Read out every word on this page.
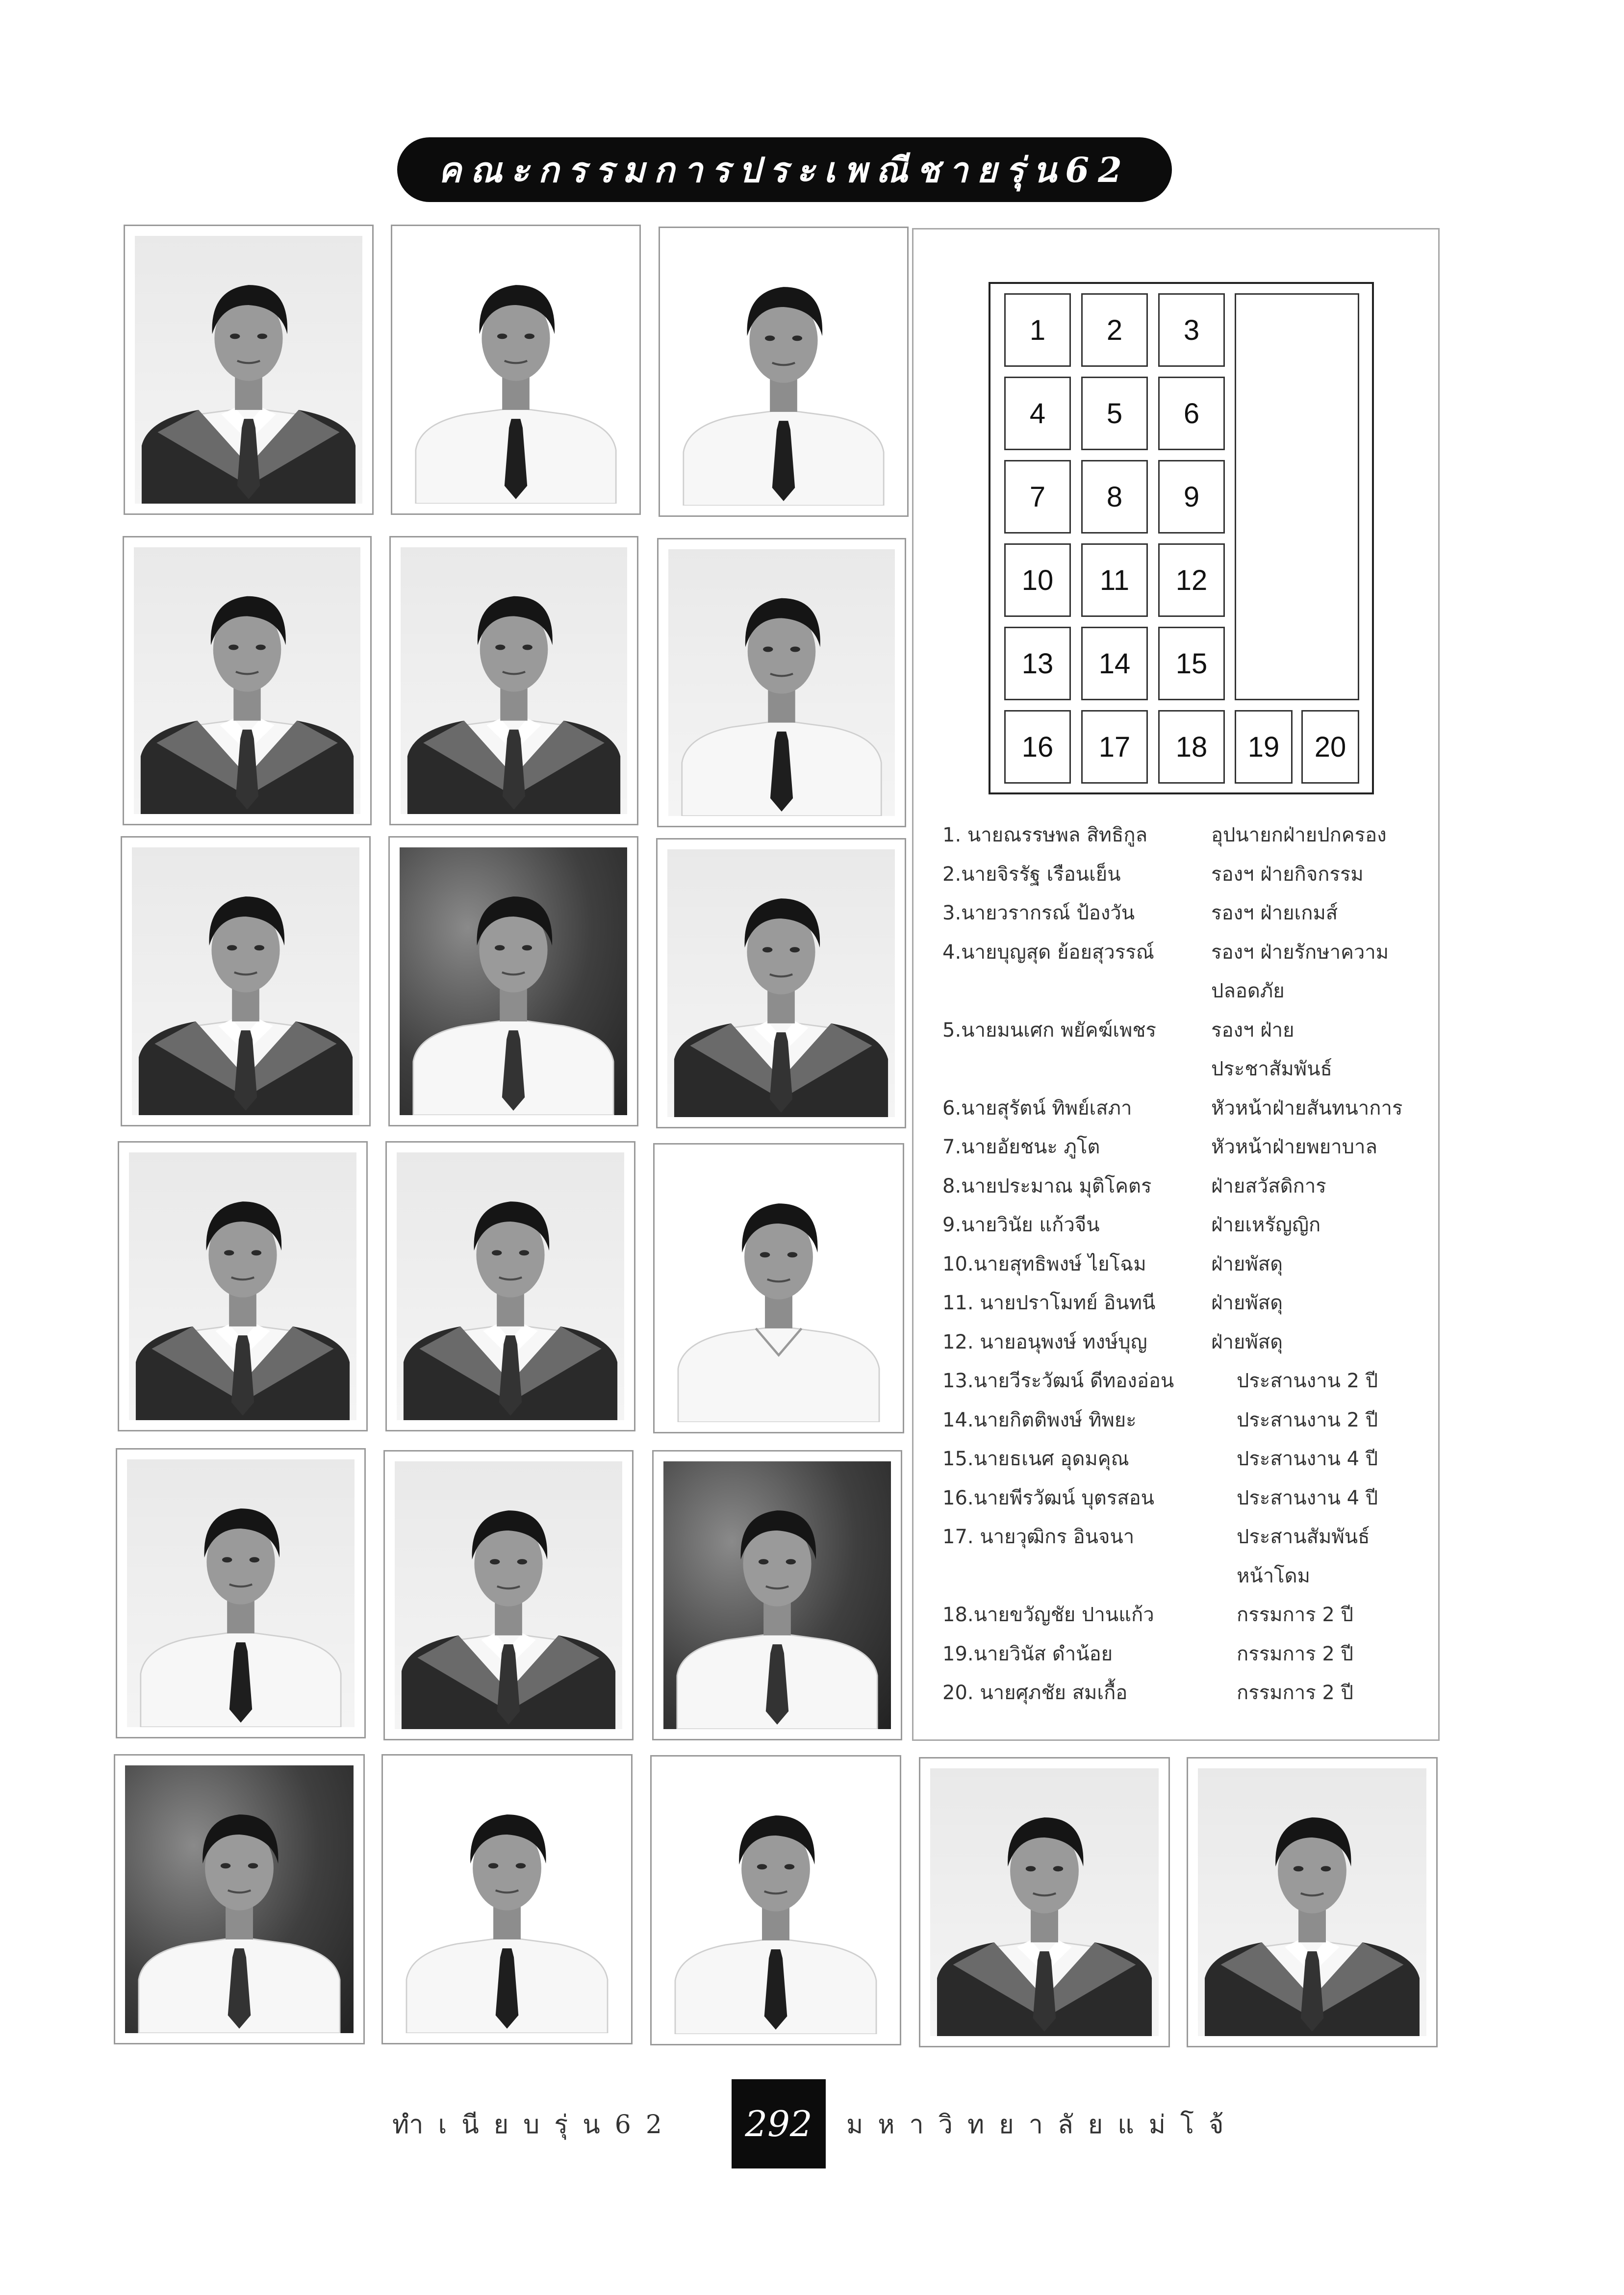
คณะกรรมการประเพณีชายรุ่น62
1	2	3
4	5	6
7	8	9
10	11	12
13	14	15
16	17	18	19	20
1. นายณรรษพล สิทธิกูล	อุปนายกฝ่ายปกครอง
2.นายจิรรัฐ เรือนเย็น	รองฯ ฝ่ายกิจกรรม
3.นายวรากรณ์ ป้องวัน	รองฯ ฝ่ายเกมส์
4.นายบุญสุด ย้อยสุวรรณ์	รองฯ ฝ่ายรักษาความ
ปลอดภัย
5.นายมนเศก พยัคฆ์เพชร	รองฯ ฝ่าย
ประชาสัมพันธ์
6.นายสุรัตน์ ทิพย์เสภา	หัวหน้าฝ่ายสันทนาการ
7.นายอัยชนะ ภูโต	หัวหน้าฝ่ายพยาบาล
8.นายประมาณ มุติโคตร	ฝ่ายสวัสดิการ
9.นายวินัย แก้วจีน	ฝ่ายเหรัญญิก
10.นายสุทธิพงษ์ ไยโฉม	ฝ่ายพัสดุ
11. นายปราโมทย์ อินทนี	ฝ่ายพัสดุ
12. นายอนุพงษ์ ทงษ์บุญ	ฝ่ายพัสดุ
13.นายวีระวัฒน์ ดีทองอ่อน	ประสานงาน 2 ปี
14.นายกิตติพงษ์ ทิพยะ	ประสานงาน 2 ปี
15.นายธเนศ อุดมคุณ	ประสานงาน 4 ปี
16.นายพีรวัฒน์ บุตรสอน	ประสานงาน 4 ปี
17. นายวุฒิกร อินจนา	ประสานสัมพันธ์
หน้าโดม
18.นายขวัญชัย ปานแก้ว	กรรมการ 2 ปี
19.นายวินัส ดำน้อย	กรรมการ 2 ปี
20. นายศุภชัย สมเกื้อ	กรรมการ 2 ปี
ทำเนียบรุ่น62 292 มหาวิทยาลัยแม่โจ้
